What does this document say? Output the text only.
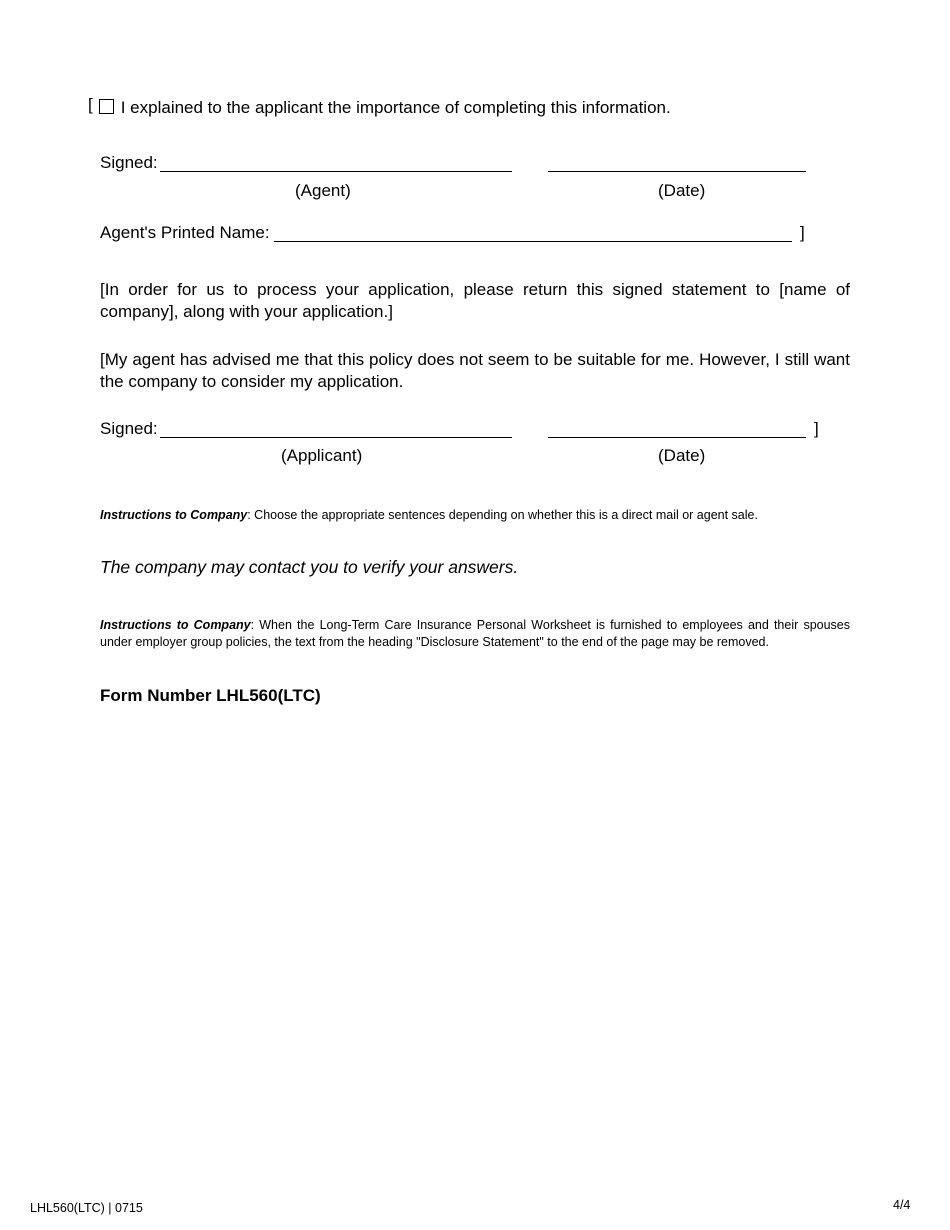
[ I explained to the applicant the importance of completing this information.
Signed:
(Agent)	(Date)
Agent's Printed Name:	]
[In order for us to process your application, please return this signed statement to [name of company], along with your application.]
[My agent has advised me that this policy does not seem to be suitable for me. However, I still want the company to consider my application.
Signed:	]
(Applicant)	(Date)
Instructions to Company: Choose the appropriate sentences depending on whether this is a direct mail or agent sale.
The company may contact you to verify your answers.
Instructions to Company: When the Long-Term Care Insurance Personal Worksheet is furnished to employees and their spouses under employer group policies, the text from the heading "Disclosure Statement" to the end of the page may be removed.
Form Number LHL560(LTC)
LHL560(LTC) | 0715	4/4
